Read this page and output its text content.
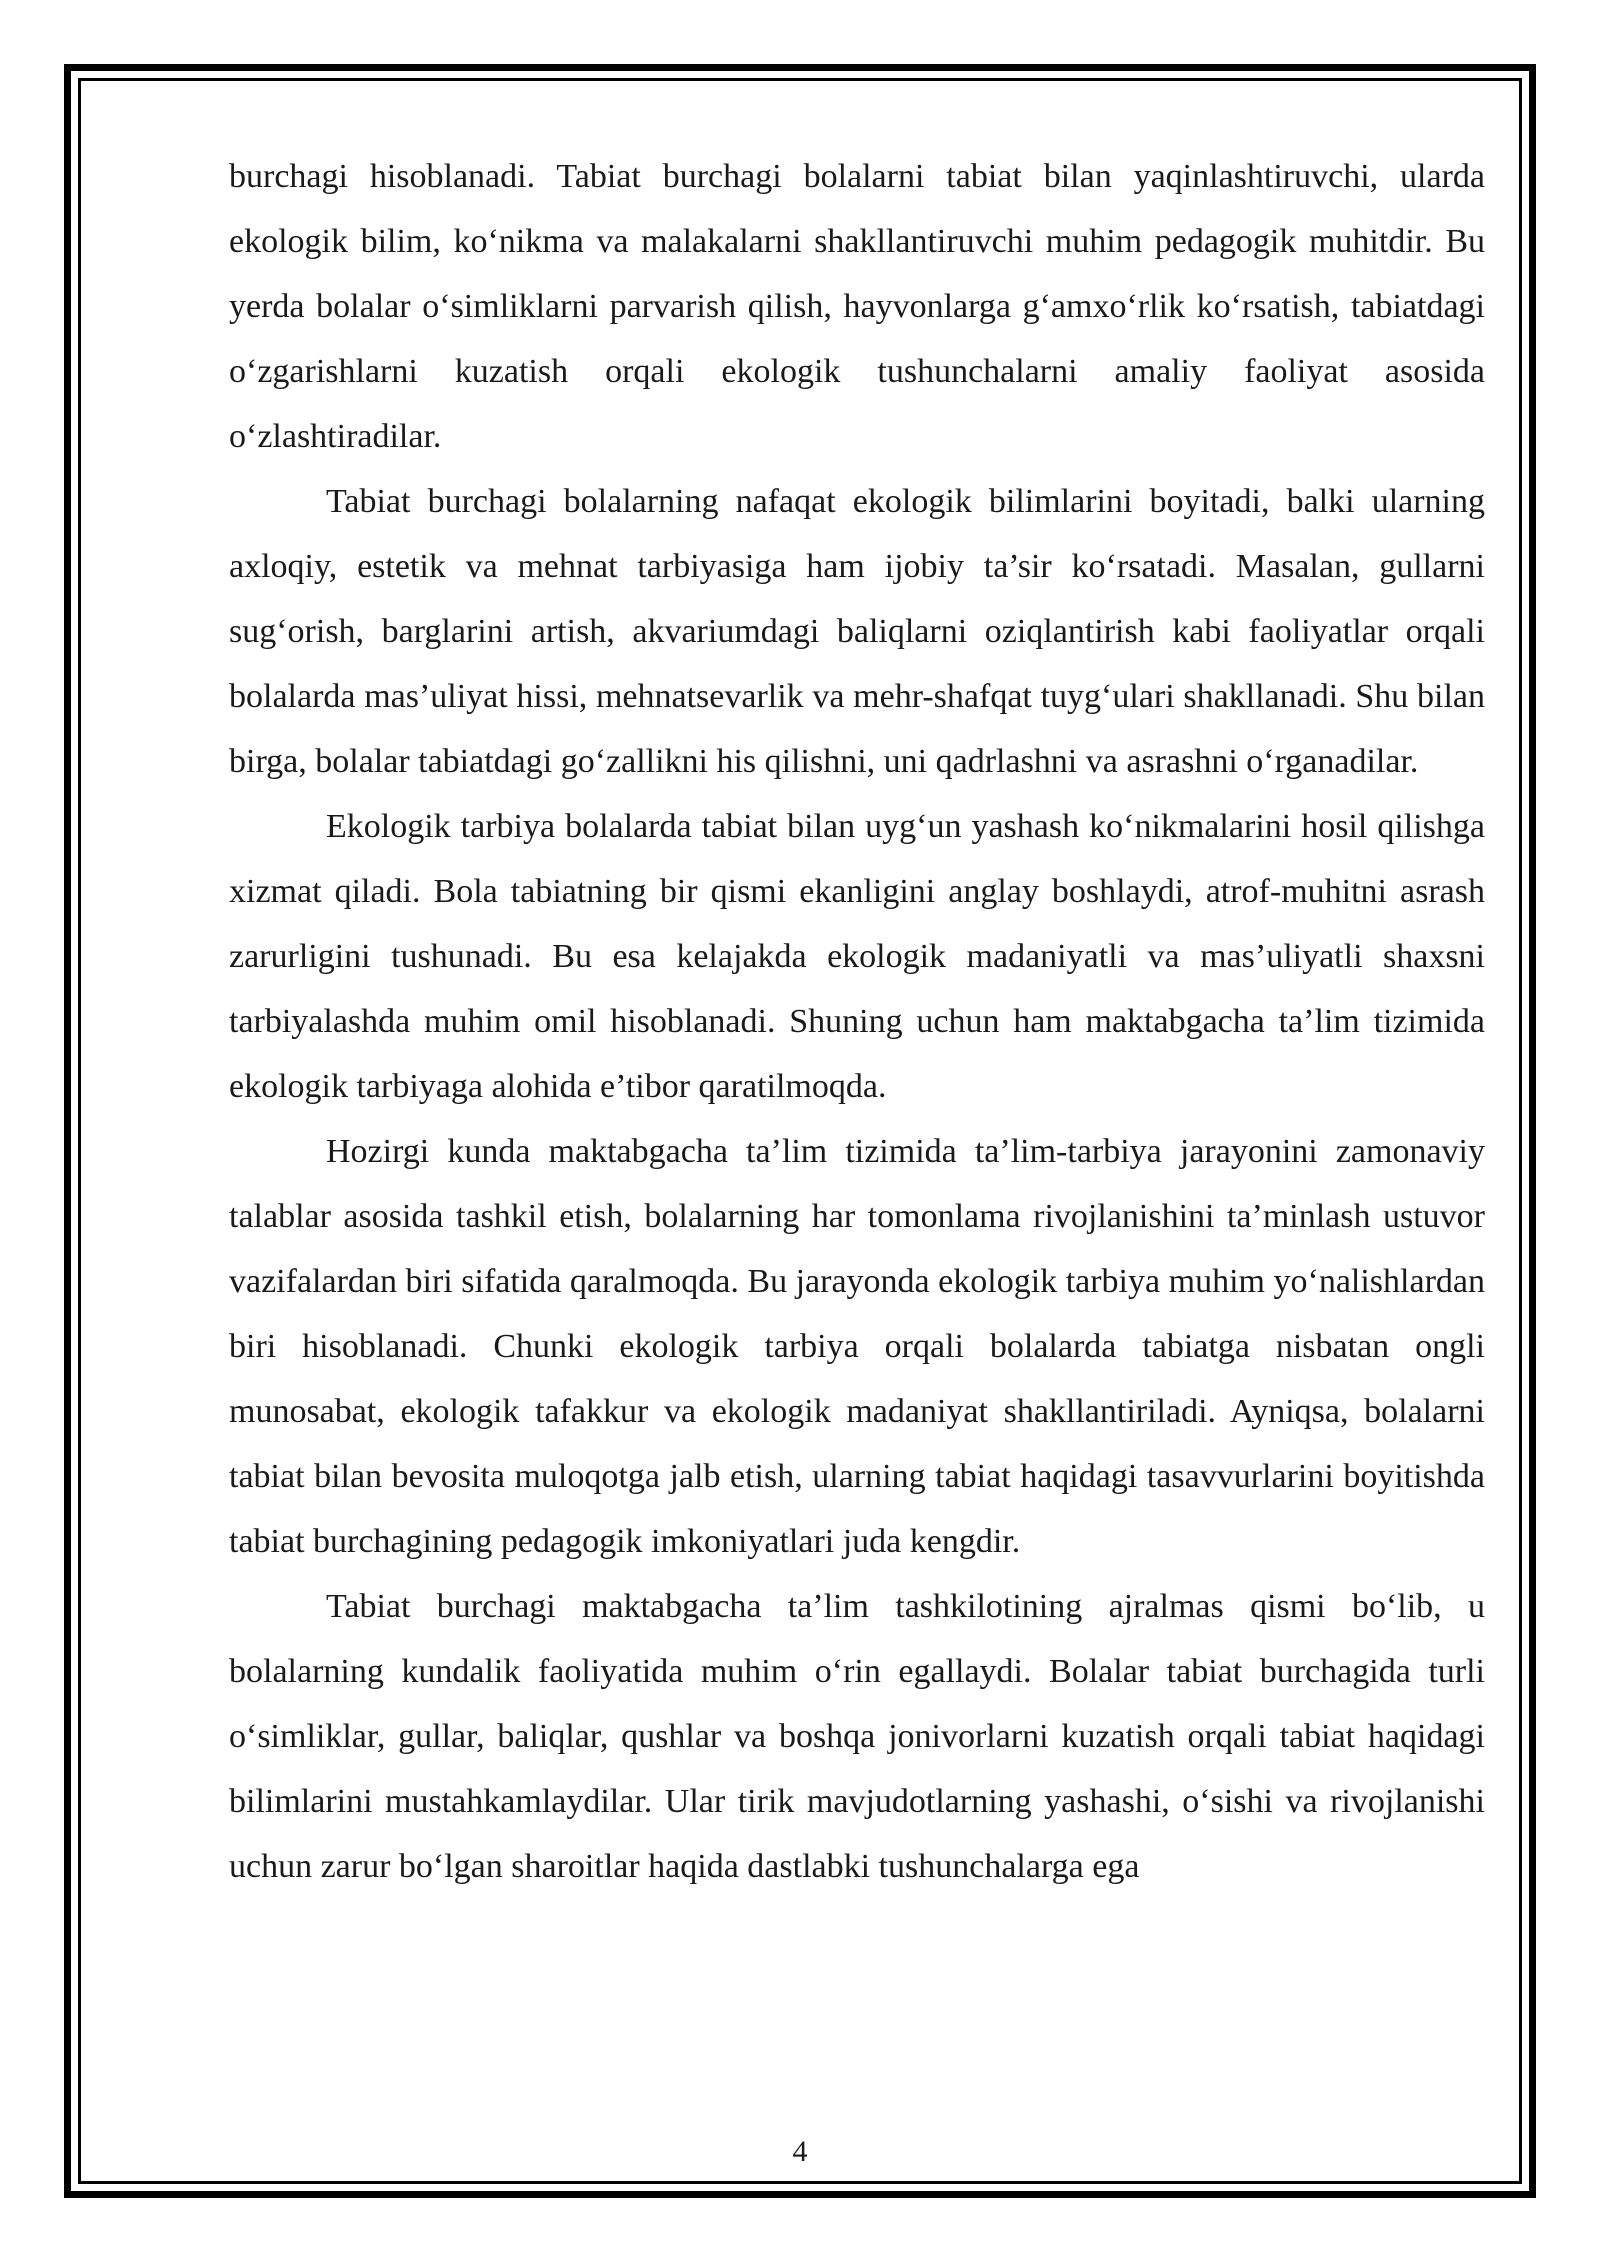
burchagi hisoblanadi. Tabiat burchagi bolalarni tabiat bilan yaqinlashtiruvchi, ularda ekologik bilim, ko‘nikma va malakalarni shakllantiruvchi muhim pedagogik muhitdir. Bu yerda bolalar o‘simliklarni parvarish qilish, hayvonlarga g‘amxo‘rlik ko‘rsatish, tabiatdagi o‘zgarishlarni kuzatish orqali ekologik tushunchalarni amaliy faoliyat asosida o‘zlashtiradilar.

Tabiat burchagi bolalarning nafaqat ekologik bilimlarini boyitadi, balki ularning axloqiy, estetik va mehnat tarbiyasiga ham ijobiy ta’sir ko‘rsatadi. Masalan, gullarni sug‘orish, barglarini artish, akvariumdagi baliqlarni oziqlantirish kabi faoliyatlar orqali bolalarda mas’uliyat hissi, mehnatsevarlik va mehr-shafqat tuyg‘ulari shakllanadi. Shu bilan birga, bolalar tabiatdagi go‘zallikni his qilishni, uni qadrlashni va asrashni o‘rganadilar.

Ekologik tarbiya bolalarda tabiat bilan uyg‘un yashash ko‘nikmalarini hosil qilishga xizmat qiladi. Bola tabiatning bir qismi ekanligini anglay boshlaydi, atrof-muhitni asrash zarurligini tushunadi. Bu esa kelajakda ekologik madaniyatli va mas’uliyatli shaxsni tarbiyalashda muhim omil hisoblanadi. Shuning uchun ham maktabgacha ta’lim tizimida ekologik tarbiyaga alohida e’tibor qaratilmoqda.

Hozirgi kunda maktabgacha ta’lim tizimida ta’lim-tarbiya jarayonini zamonaviy talablar asosida tashkil etish, bolalarning har tomonlama rivojlanishini ta’minlash ustuvor vazifalardan biri sifatida qaralmoqda. Bu jarayonda ekologik tarbiya muhim yo‘nalishlardan biri hisoblanadi. Chunki ekologik tarbiya orqali bolalarda tabiatga nisbatan ongli munosabat, ekologik tafakkur va ekologik madaniyat shakllantiriladi. Ayniqsa, bolalarni tabiat bilan bevosita muloqotga jalb etish, ularning tabiat haqidagi tasavvurlarini boyitishda tabiat burchagining pedagogik imkoniyatlari juda kengdir.

Tabiat burchagi maktabgacha ta’lim tashkilotining ajralmas qismi bo‘lib, u bolalarning kundalik faoliyatida muhim o‘rin egallaydi. Bolalar tabiat burchagida turli o‘simliklar, gullar, baliqlar, qushlar va boshqa jonivorlarni kuzatish orqali tabiat haqidagi bilimlarini mustahkamlaydilar. Ular tirik mavjudotlarning yashashi, o‘sishi va rivojlanishi uchun zarur bo‘lgan sharoitlar haqida dastlabki tushunchalarga ega

4
